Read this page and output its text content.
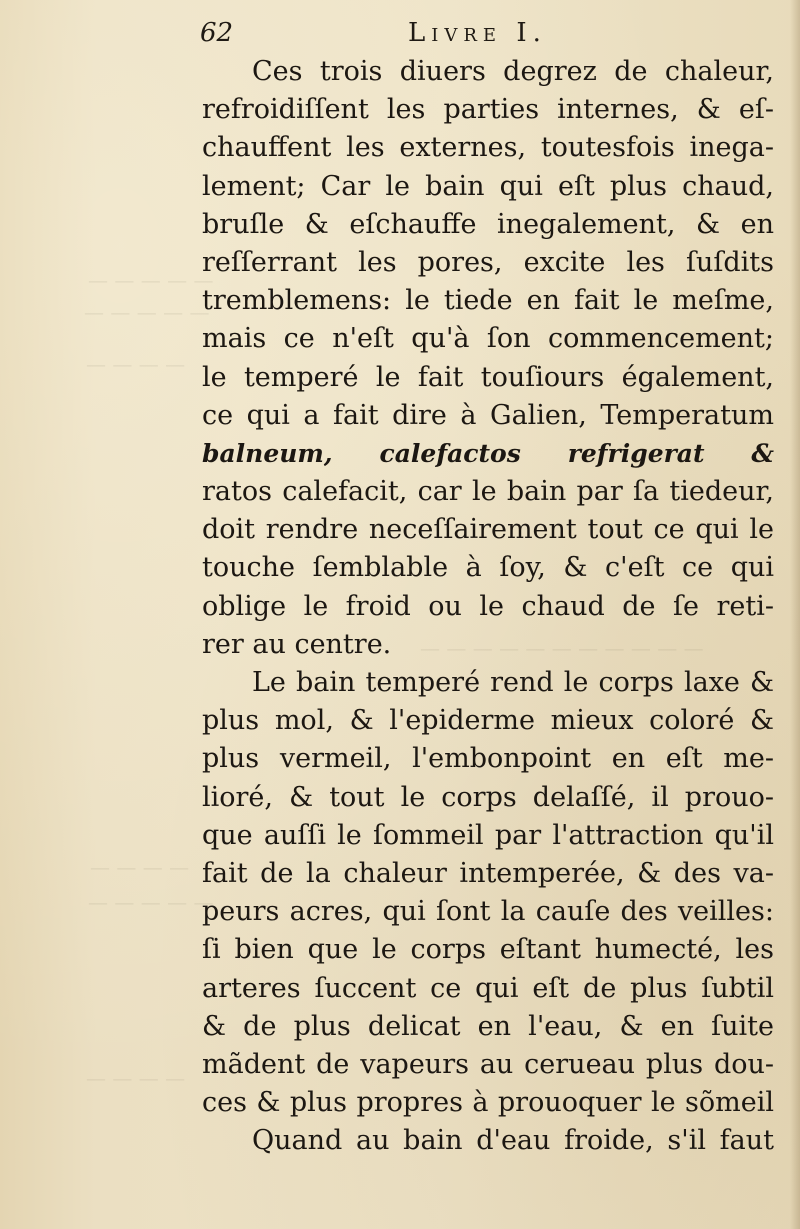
— — — — —
— — — — —
— — — —
— — — — — — — — — — —
— — — —
— — — — —
— — — —
62	Livre I.
Ces trois diuers degrez de chaleur,
refroidiſſent les parties internes, & eſ-
chauffent les externes, toutesfois inega-
lement; Car le bain qui eſt plus chaud,
bruſle & eſchauffe inegalement, & en
reſſerrant les pores, excite les ſuſdits
tremblemens: le tiede en fait le meſme,
mais ce n'eſt qu'à ſon commencement;
le temperé le fait touſiours également,
ce qui a fait dire à Galien, Temperatum
balneum, calefactos refrigerat &
ratos calefacit, car le bain par ſa tiedeur,
doit rendre neceſſairement tout ce qui le
touche ſemblable à ſoy, & c'eſt ce qui
oblige le froid ou le chaud de ſe reti-
rer au centre.
Le bain temperé rend le corps laxe &
plus mol, & l'epiderme mieux coloré &
plus vermeil, l'embonpoint en eſt me-
lioré, & tout le corps delaſſé, il prouo-
que auſſi le ſommeil par l'attraction qu'il
fait de la chaleur intemperée, & des va-
peurs acres, qui ſont la cauſe des veilles:
ſi bien que le corps eſtant humecté, les
arteres ſuccent ce qui eſt de plus ſubtil
& de plus delicat en l'eau, & en ſuite
mãdent de vapeurs au cerueau plus dou-
ces & plus propres à prouoquer le sõmeil
Quand au bain d'eau froide, s'il faut
